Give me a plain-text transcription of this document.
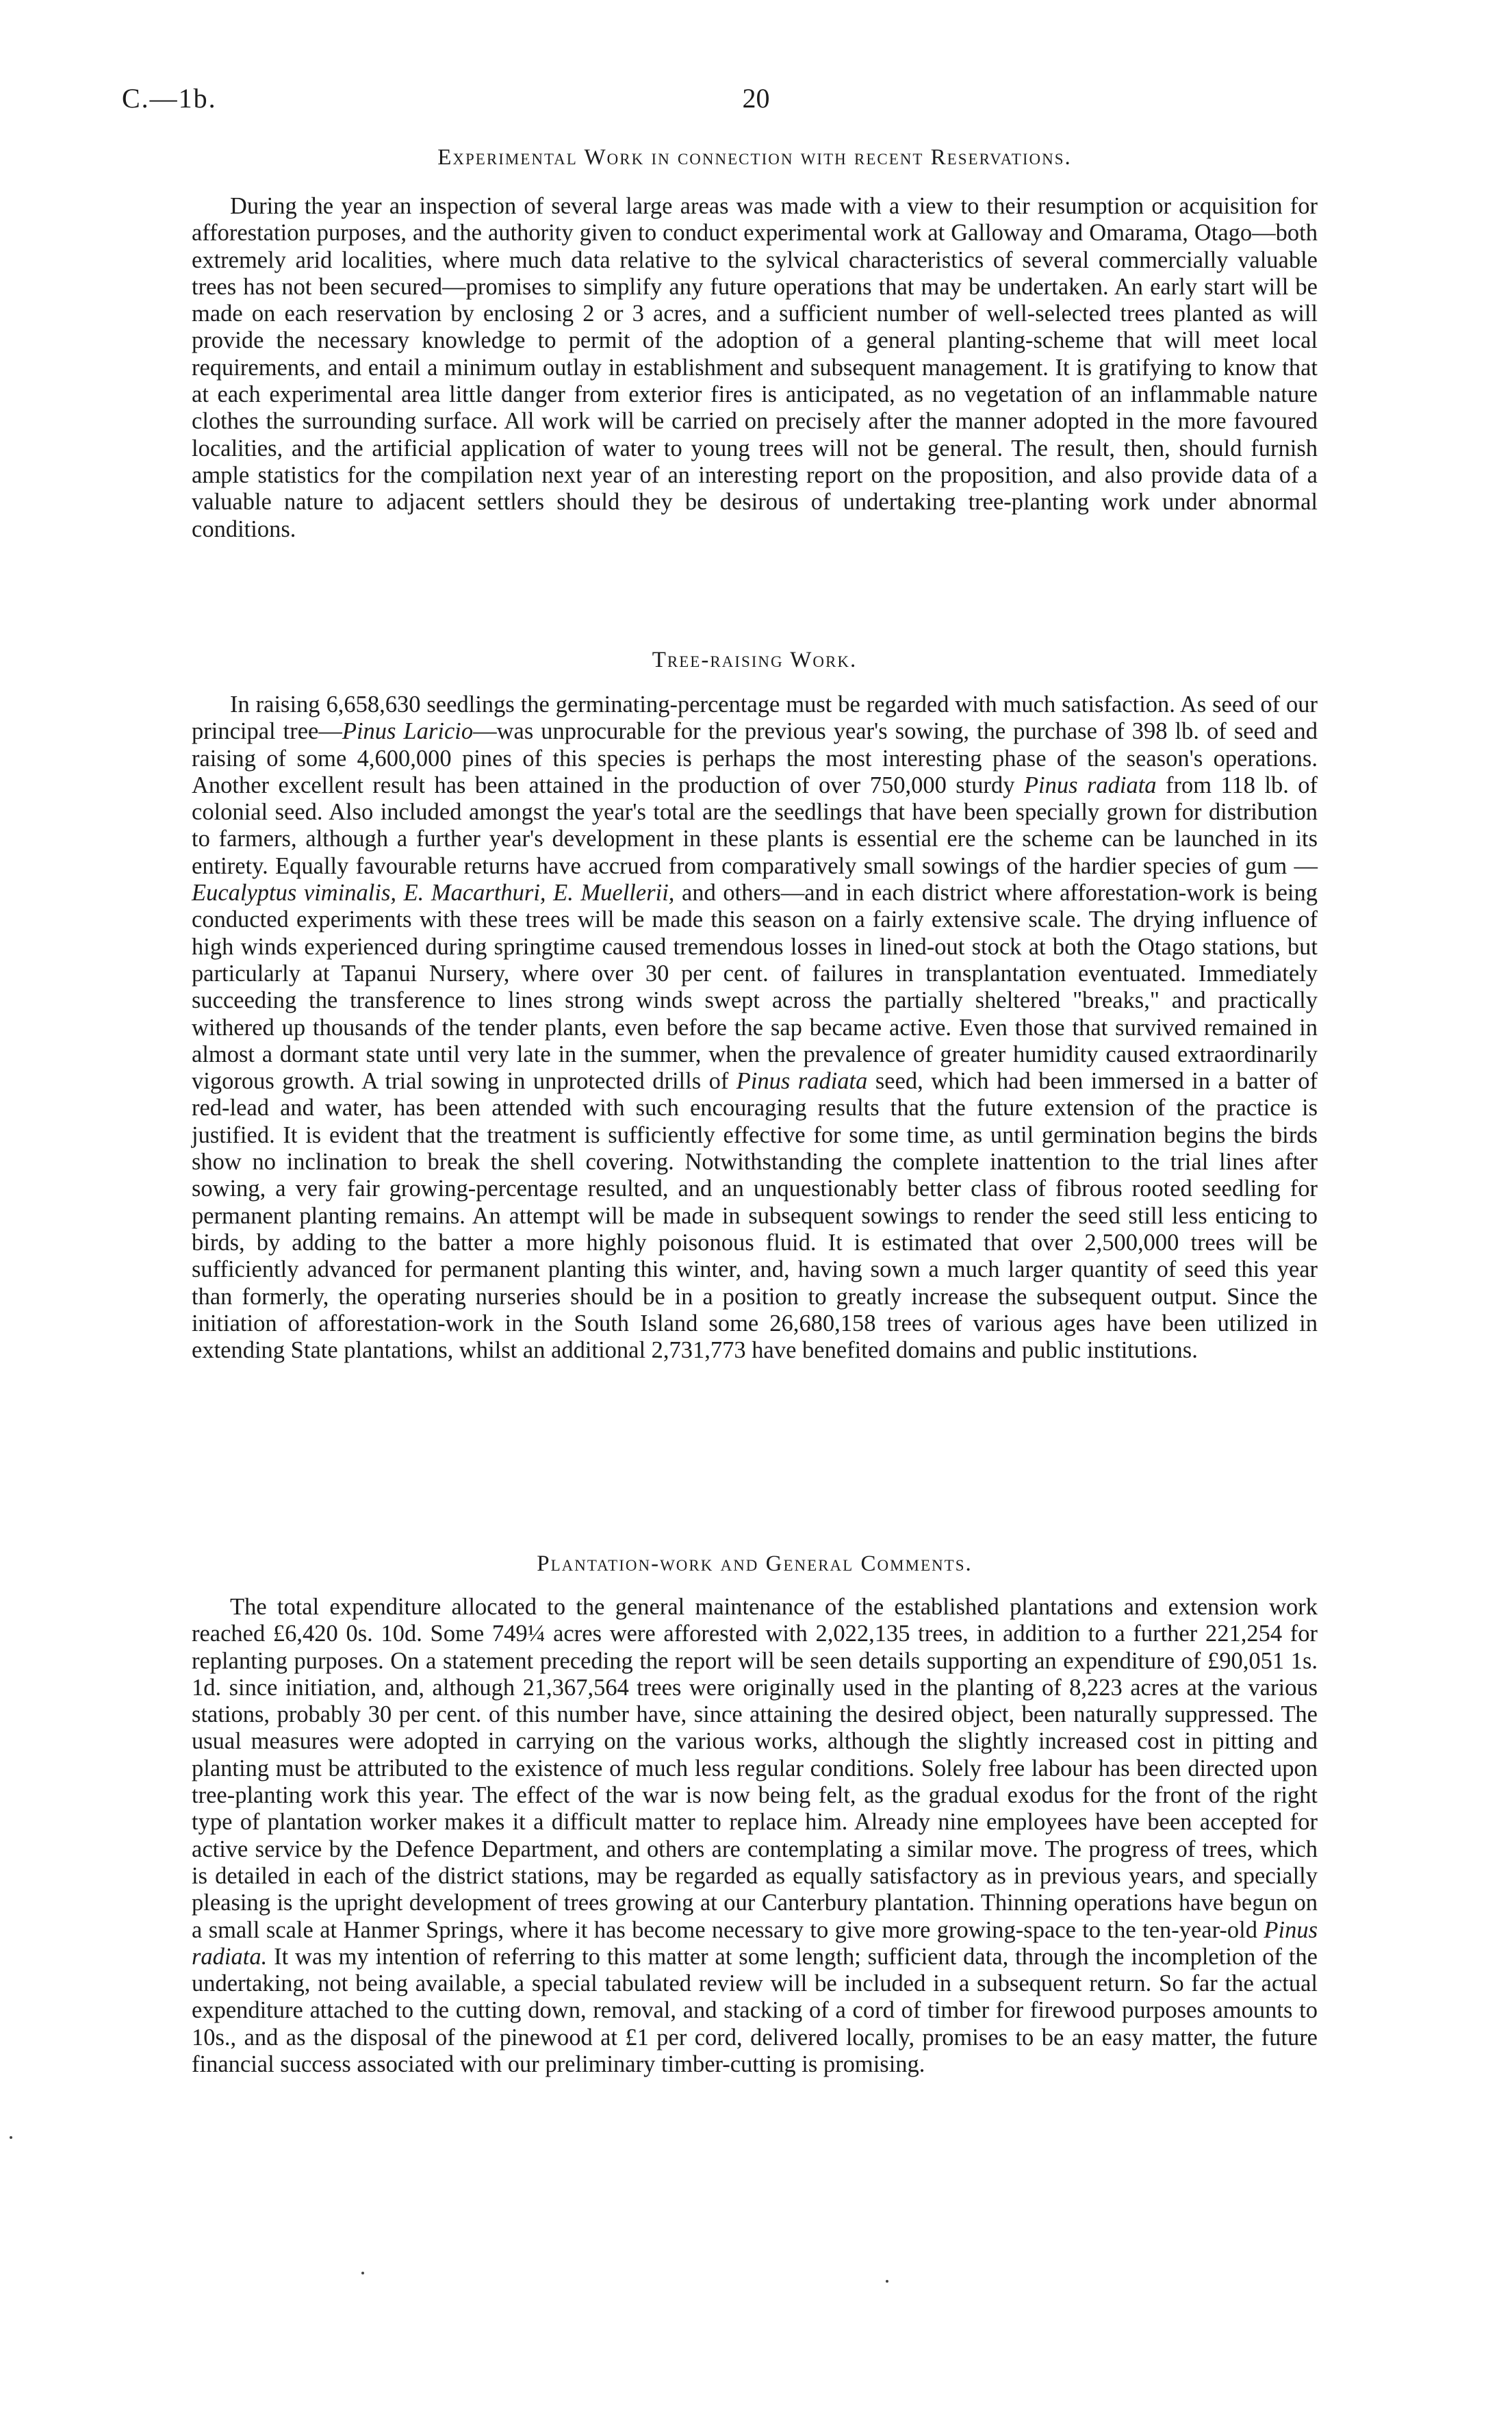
C.—1b.	20
Experimental Work in connection with recent Reservations.

During the year an inspection of several large areas was made with a view to their resumption or acquisition for afforestation purposes, and the authority given to conduct experimental work at Galloway and Omarama, Otago—both extremely arid localities, where much data relative to the sylvical characteristics of several commercially valuable trees has not been secured—promises to simplify any future operations that may be undertaken. An early start will be made on each reservation by enclosing 2 or 3 acres, and a sufficient number of well-selected trees planted as will provide the necessary knowledge to permit of the adoption of a general planting-scheme that will meet local requirements, and entail a minimum outlay in establishment and subsequent management. It is gratifying to know that at each experimental area little danger from exterior fires is anticipated, as no vegetation of an inflammable nature clothes the surrounding surface. All work will be carried on precisely after the manner adopted in the more favoured localities, and the artificial application of water to young trees will not be general. The result, then, should furnish ample statistics for the compilation next year of an interesting report on the proposition, and also provide data of a valuable nature to adjacent settlers should they be desirous of undertaking tree-planting work under abnormal conditions.

Tree-raising Work.

In raising 6,658,630 seedlings the germinating-percentage must be regarded with much satisfaction. As seed of our principal tree—Pinus Laricio—was unprocurable for the previous year's sowing, the purchase of 398 lb. of seed and raising of some 4,600,000 pines of this species is perhaps the most interesting phase of the season's operations. Another excellent result has been attained in the production of over 750,000 sturdy Pinus radiata from 118 lb. of colonial seed. Also included amongst the year's total are the seedlings that have been specially grown for distribution to farmers, although a further year's development in these plants is essential ere the scheme can be launched in its entirety. Equally favourable returns have accrued from comparatively small sowings of the hardier species of gum — Eucalyptus viminalis, E. Macarthuri, E. Muellerii, and others—and in each district where afforestation-work is being conducted experiments with these trees will be made this season on a fairly extensive scale. The drying influence of high winds experienced during springtime caused tremendous losses in lined-out stock at both the Otago stations, but particularly at Tapanui Nursery, where over 30 per cent. of failures in transplantation eventuated. Immediately succeeding the transference to lines strong winds swept across the partially sheltered "breaks," and practically withered up thousands of the tender plants, even before the sap became active. Even those that survived remained in almost a dormant state until very late in the summer, when the prevalence of greater humidity caused extraordinarily vigorous growth. A trial sowing in unprotected drills of Pinus radiata seed, which had been immersed in a batter of red-lead and water, has been attended with such encouraging results that the future extension of the practice is justified. It is evident that the treatment is sufficiently effective for some time, as until germination begins the birds show no inclination to break the shell covering. Notwithstanding the complete inattention to the trial lines after sowing, a very fair growing-percentage resulted, and an unquestionably better class of fibrous rooted seedling for permanent planting remains. An attempt will be made in subsequent sowings to render the seed still less enticing to birds, by adding to the batter a more highly poisonous fluid. It is estimated that over 2,500,000 trees will be sufficiently advanced for permanent planting this winter, and, having sown a much larger quantity of seed this year than formerly, the operating nurseries should be in a position to greatly increase the subsequent output. Since the initiation of afforestation-work in the South Island some 26,680,158 trees of various ages have been utilized in extending State plantations, whilst an additional 2,731,773 have benefited domains and public institutions.

Plantation-work and General Comments.

The total expenditure allocated to the general maintenance of the established plantations and extension work reached £6,420 0s. 10d. Some 749¼ acres were afforested with 2,022,135 trees, in addition to a further 221,254 for replanting purposes. On a statement preceding the report will be seen details supporting an expenditure of £90,051 1s. 1d. since initiation, and, although 21,367,564 trees were originally used in the planting of 8,223 acres at the various stations, probably 30 per cent. of this number have, since attaining the desired object, been naturally suppressed. The usual measures were adopted in carrying on the various works, although the slightly increased cost in pitting and planting must be attributed to the existence of much less regular conditions. Solely free labour has been directed upon tree-planting work this year. The effect of the war is now being felt, as the gradual exodus for the front of the right type of plantation worker makes it a difficult matter to replace him. Already nine employees have been accepted for active service by the Defence Department, and others are contemplating a similar move. The progress of trees, which is detailed in each of the district stations, may be regarded as equally satisfactory as in previous years, and specially pleasing is the upright development of trees growing at our Canterbury plantation. Thinning operations have begun on a small scale at Hanmer Springs, where it has become necessary to give more growing-space to the ten-year-old Pinus radiata. It was my intention of referring to this matter at some length; sufficient data, through the incompletion of the undertaking, not being available, a special tabulated review will be included in a subsequent return. So far the actual expenditure attached to the cutting down, removal, and stacking of a cord of timber for firewood purposes amounts to 10s., and as the disposal of the pinewood at £1 per cord, delivered locally, promises to be an easy matter, the future financial success associated with our preliminary timber-cutting is promising.
